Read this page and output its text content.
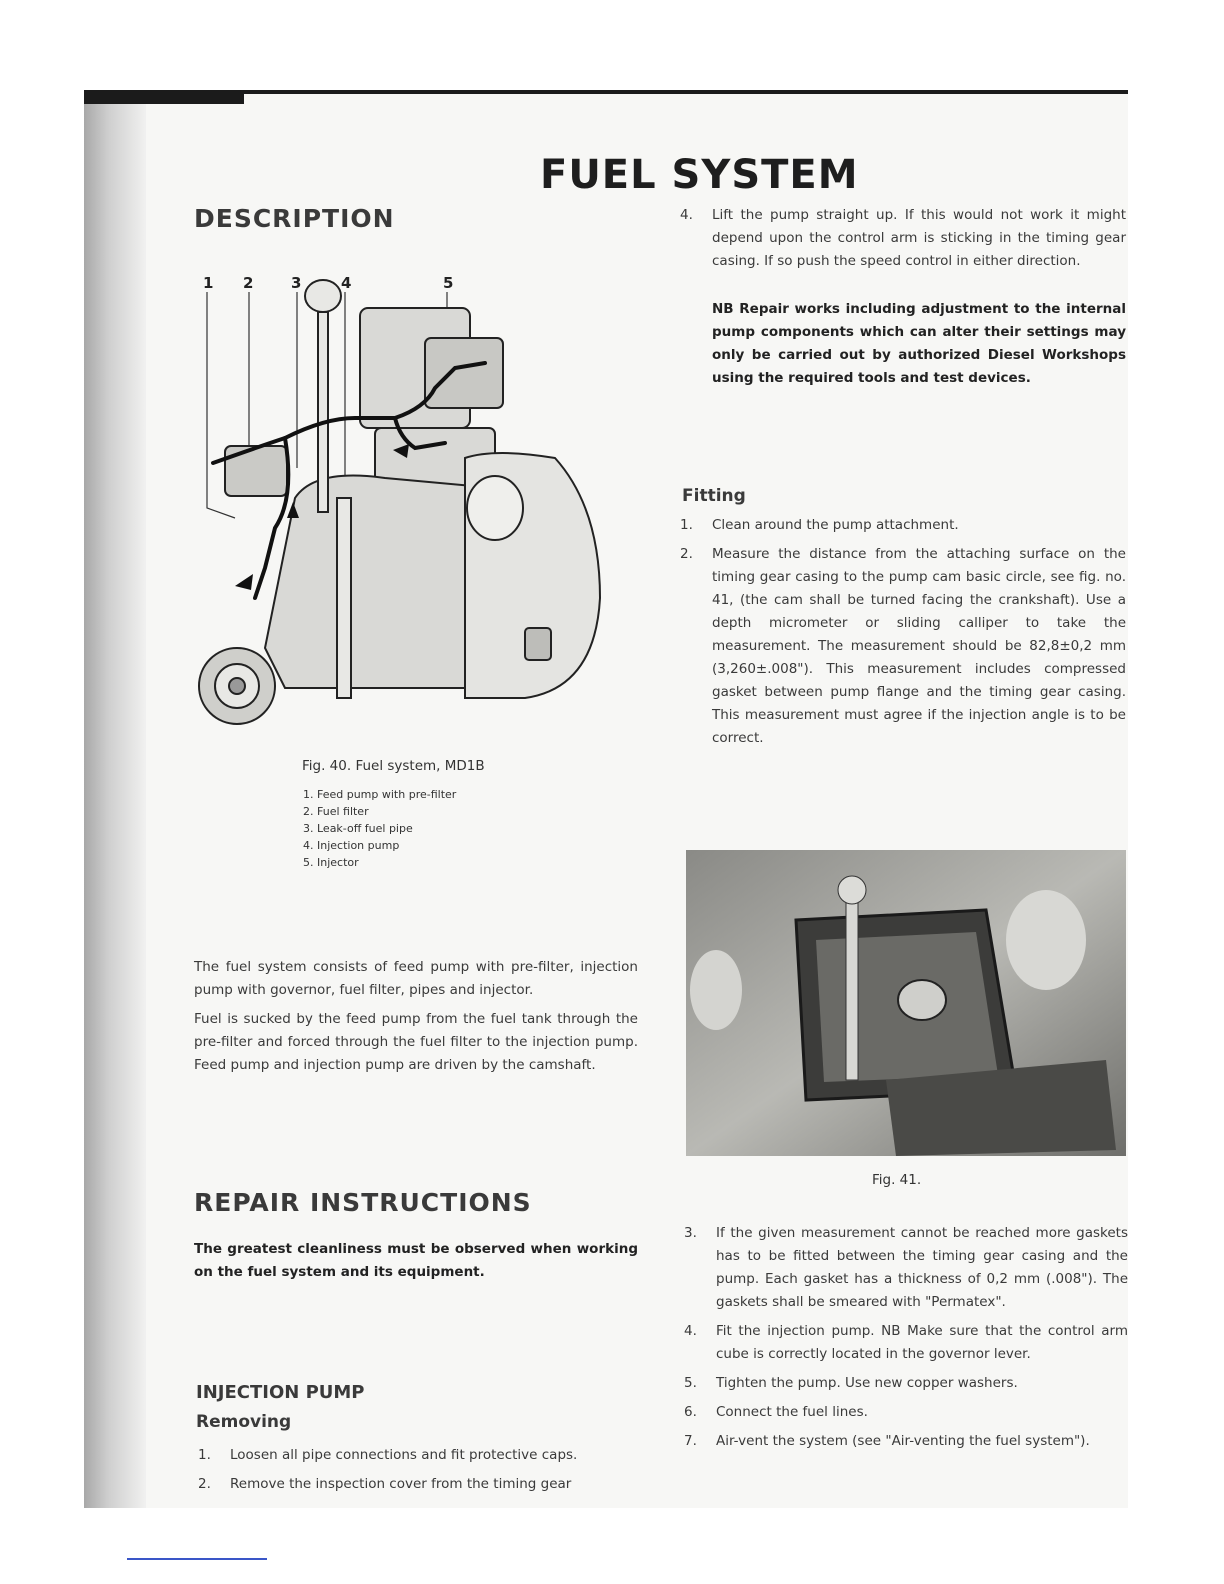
FUEL SYSTEM
DESCRIPTION
1 2	3	4	5
Fig. 40. Fuel system, MD1B
1. Feed pump with pre-filter
2. Fuel filter
3. Leak-off fuel pipe
4. Injection pump
5. Injector
The fuel system consists of feed pump with pre-filter, injection pump with governor, fuel filter, pipes and injector.
Fuel is sucked by the feed pump from the fuel tank through the pre-filter and forced through the fuel filter to the injection pump. Feed pump and injection pump are driven by the camshaft.
REPAIR INSTRUCTIONS
The greatest cleanliness must be observed when working on the fuel system and its equipment.
INJECTION PUMP
Removing
1.	Loosen all pipe connections and fit protective caps.
2.	Remove the inspection cover from the timing gear
4.	Lift the pump straight up. If this would not work it might depend upon the control arm is sticking in the timing gear casing. If so push the speed control in either direction.
NB Repair works including adjustment to the internal pump components which can alter their settings may only be carried out by authorized Diesel Workshops using the required tools and test devices.
Fitting
1.	Clean around the pump attachment.
2.	Measure the distance from the attaching surface on the timing gear casing to the pump cam basic circle, see fig. no. 41, (the cam shall be turned facing the crankshaft). Use a depth micrometer or sliding calliper to take the measurement. The measurement should be 82,8±0,2 mm (3,260±.008"). This measurement includes compressed gasket between pump flange and the timing gear casing. This measurement must agree if the injection angle is to be correct.
Fig. 41.
3.	If the given measurement cannot be reached more gaskets has to be fitted between the timing gear casing and the pump. Each gasket has a thickness of 0,2 mm (.008"). The gaskets shall be smeared with "Permatex".
4.	Fit the injection pump. NB Make sure that the control arm cube is correctly located in the governor lever.
5.	Tighten the pump. Use new copper washers.
6.	Connect the fuel lines.
7.	Air-vent the system (see "Air-venting the fuel system").
